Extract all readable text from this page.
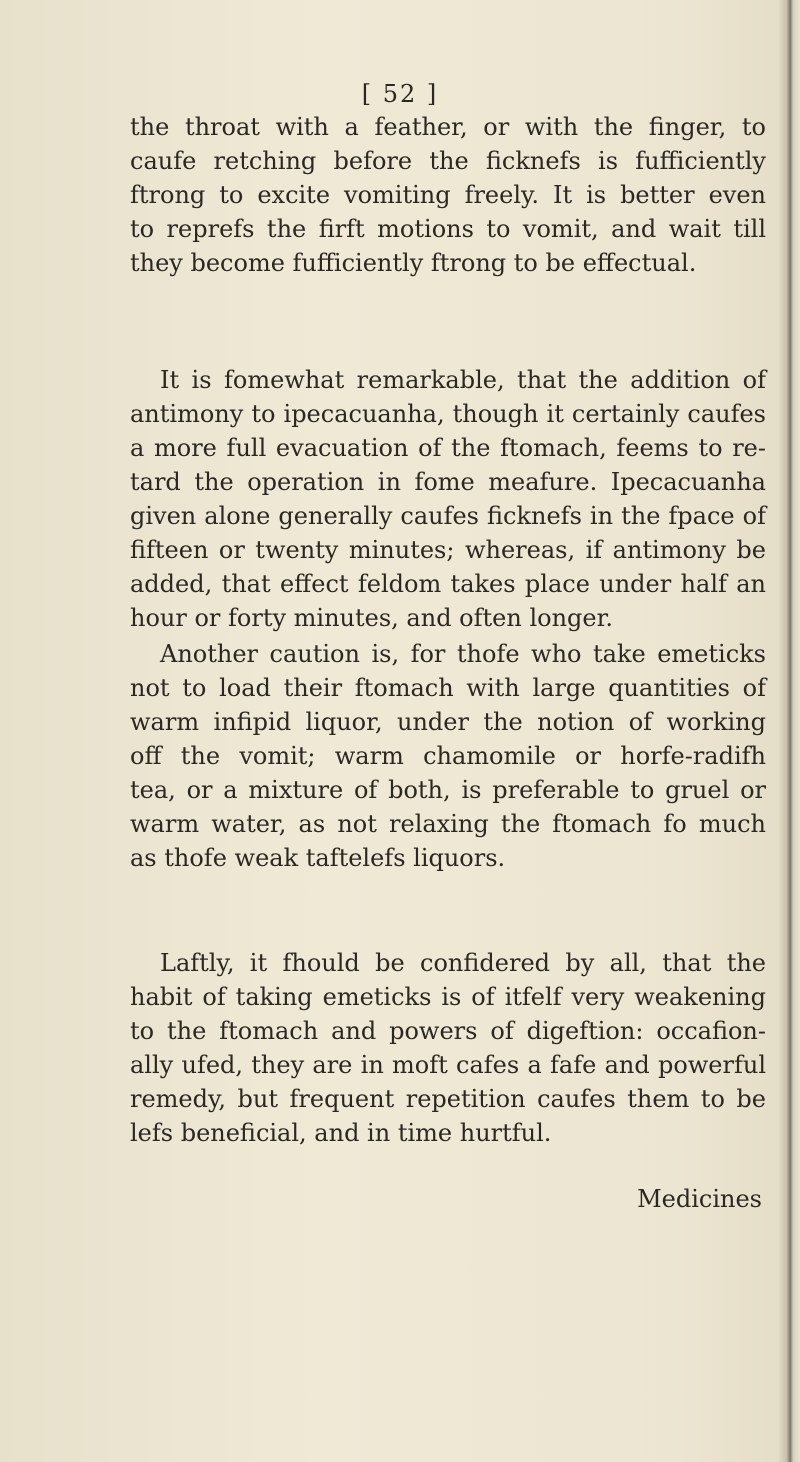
[ 52 ]
the throat with a feather, or with the finger, to
caufe retching before the ficknefs is fufficiently
ftrong to excite vomiting freely. It is better even
to reprefs the firft motions to vomit, and wait till
they become fufficiently ftrong to be effectual.
It is fomewhat remarkable, that the addition of
antimony to ipecacuanha, though it certainly caufes
a more full evacuation of the ftomach, feems to re-
tard the operation in fome meafure. Ipecacuanha
given alone generally caufes ficknefs in the fpace of
fifteen or twenty minutes; whereas, if antimony be
added, that effect feldom takes place under half an
hour or forty minutes, and often longer.
Another caution is, for thofe who take emeticks
not to load their ftomach with large quantities of
warm infipid liquor, under the notion of working
off the vomit; warm chamomile or horfe-radifh
tea, or a mixture of both, is preferable to gruel or
warm water, as not relaxing the ftomach fo much
as thofe weak taftelefs liquors.
Laftly, it fhould be confidered by all, that the
habit of taking emeticks is of itfelf very weakening
to the ftomach and powers of digeftion: occafion-
ally ufed, they are in moft cafes a fafe and powerful
remedy, but frequent repetition caufes them to be
lefs beneficial, and in time hurtful.
Medicines
